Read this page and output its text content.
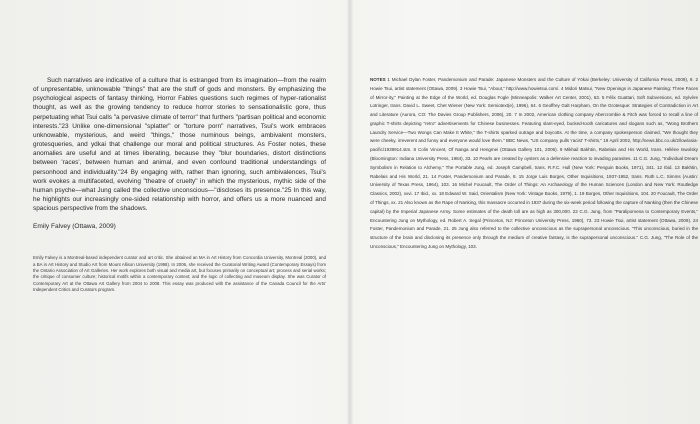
Such narratives are indicative of a culture that is estranged from its imagination—from the realm of unpresentable, unknowable "things" that are the stuff of gods and monsters. By emphasizing the psychological aspects of fantasy thinking, Horror Fables questions such regimes of hyper-rationalist thought, as well as the growing tendency to reduce horror stories to sensationalistic gore, thus perpetuating what Tsui calls "a pervasive climate of terror" that furthers "partisan political and economic interests."23 Unlike one-dimensional "splatter" or "torture porn" narratives, Tsui's work embraces unknowable, mysterious, and weird "things," those numinous beings, ambivalent monsters, grotesqueries, and ydkai that challenge our moral and political structures. As Foster notes, these anomalies are useful and at times liberating, because they "blur boundaries, distort distinctions between 'races', between human and animal, and even confound traditional understandings of personhood and individuality."24 By engaging with, rather than ignoring, such ambivalences, Tsui's work evokes a multifaceted, evolving "theatre of cruelty" in which the mysterious, mythic side of the human psyche—what Jung called the collective unconscious—"discloses its presence."25 In this way, he highlights our increasingly one-sided relationship with horror, and offers us a more nuanced and spacious perspective from the shadows.

Emily Falvey (Ottawa, 2009)

Emily Falvey is a Montreal-based independent curator and art critic. She obtained an MA in Art History from Concordia University, Montreal (2000), and a BA in Art History and Studio Art from Mount Allison University (1998). In 2006, she received the Curatorial Writing Award (Contemporary Essays) from the Ontario Association of Art Galleries. Her work explores both visual and media art, but focuses primarily on conceptual art; process and serial works; the critique of consumer culture; historical motifs within a contemporary context; and the logic of collecting and museum display. She was Curator of Contemporary Art at the Ottawa Art Gallery from 2004 to 2008. This essay was produced with the assistance of the Canada Council for the Arts' Independent Critics and Curators program.

NOTES 1 Michael Dylan Foster, Pandemonium and Parade: Japanese Monsters and the Culture of Yōkai (Berkeley: University of California Press, 2009), 9. 2 Howie Tsui, artist statement (Ottawa, 2009). 3 Howie Tsui, "About," http://www.howietsui.com/. 4 Midori Matsui, "New Openings in Japanese Painting: Three Faces of Mirror-ity," Painting at the Edge of the World, ed. Douglas Fogle (Minneapolis: Walker Art Center, 2001), 63. 5 Félix Guattari, Soft Subversions, ed. Sylvère Lotringer, trans. David L. Sweet, Chet Wiener (New York: Semiotext(e), 1996), 64. 6 Geoffrey Galt Harpham, On the Grotesque: Strategies of Contradiction in Art and Literature (Aurora, CO: The Davies Group Publishers, 2006), 20. 7 In 2002, American clothing company Abercrombie & Fitch was forced to recall a line of graphic T-shirts depicting "retro" advertisements for Chinese businesses. Featuring slant-eyed, bucked-tooth caricatures and slogans such as, "Wong Brothers Laundry Service—Two Wongs Can Make It White," the T-shirts sparked outrage and boycotts. At the time, a company spokesperson claimed, "We thought they were cheeky, irreverent and funny and everyone would love them." BBC News, "US company pulls 'racist' T-shirts," 19 April 2002, http://news.bbc.co.uk/2/low/asia-pacific/1939914.stm. 8 Colin Vincent, Of Nanga and Hengmei (Ottawa Gallery 101, 2006). 9 Mikhail Bakhtin, Rabelais and His World, trans. Hélène Iswolsky (Bloomington: Indiana University Press, 1984), 33. 10 Pearls are created by oysters as a defensive reaction to invading parasites. 11 C.G. Jung, "Individual Dream Symbolism in Relation to Alchemy," The Portable Jung, ed. Joseph Campbell, trans. R.F.C. Hull (New York: Penguin Books, 1971), 341. 12 Ibid. 13 Bakhtin, Rabelais and His World, 21. 14 Foster, Pandemonium and Parade, 8. 15 Jorge Luis Borges, Other Inquisitions, 1937-1952, trans. Ruth L.C. Simms (Austin: University of Texas Press, 1964), 103. 16 Michel Foucault, The Order of Things: An Archaeology of the Human Sciences (London and New York: Routledge Classics, 2002), xxvi. 17 Ibid., xx. 18 Edward W. Said, Orientalism (New York: Vintage Books, 1979), 1. 19 Borges, Other Inquisitions, 104. 20 Foucault, The Order of Things, xx. 21 Also known as the Rape of Nanking, this massacre occurred in 1937 during the six-week period following the capture of Nanking (then the Chinese capital) by the Imperial Japanese Army. Some estimates of the death toll are as high as 300,000. 22 C.G. Jung, from "Paralipomena to Contemporary Events," Encountering Jung on Mythology, ed. Robert A. Segal (Princeton, NJ: Princeton University Press, 1960), 73. 23 Howie Tsui, artist statement (Ottawa, 2009). 24 Foster, Pandemonium and Parade, 21. 25 Jung also referred to the collective unconscious as the suprapersonal unconscious. "This unconscious, buried in the structure of the brain and disclosing its presence only through the medium of creative fantasy, is the suprapersonal unconscious." C.G. Jung, "The Role of the Unconscious," Encountering Jung on Mythology, 103.
